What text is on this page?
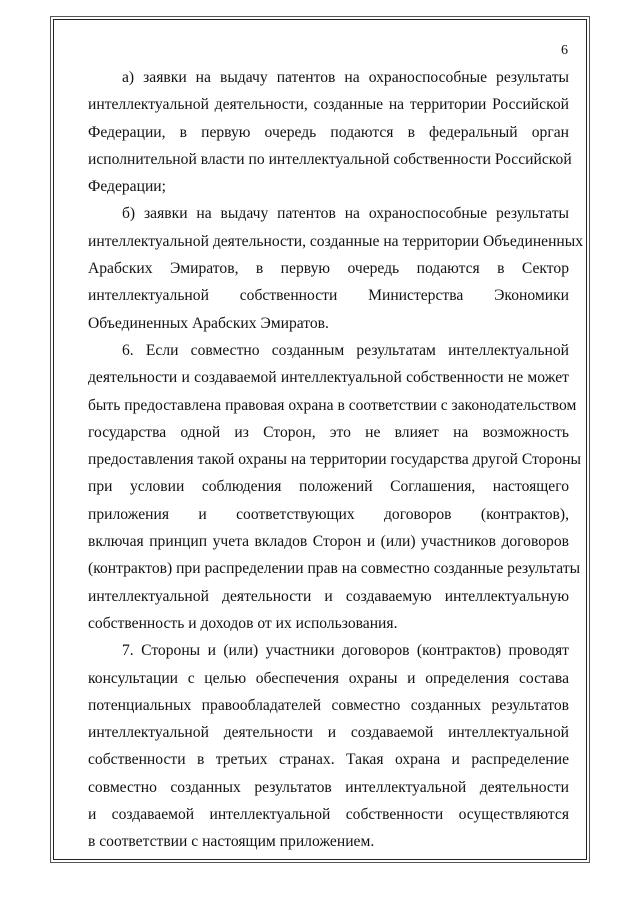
6

а) заявки на выдачу патентов на охраноспособные результаты
интеллектуальной деятельности, созданные на территории Российской
Федерации, в первую очередь подаются в федеральный орган
исполнительной власти по интеллектуальной собственности Российской
Федерации;

б) заявки на выдачу патентов на охраноспособные результаты
интеллектуальной деятельности, созданные на территории Объединенных
Арабских Эмиратов, в первую очередь подаются в Сектор
интеллектуальной собственности Министерства Экономики
Объединенных Арабских Эмиратов.

6. Если совместно созданным результатам интеллектуальной
деятельности и создаваемой интеллектуальной собственности не может
быть предоставлена правовая охрана в соответствии с законодательством
государства одной из Сторон, это не влияет на возможность
предоставления такой охраны на территории государства другой Стороны
при условии соблюдения положений Соглашения, настоящего
приложения и соответствующих договоров (контрактов),
включая принцип учета вкладов Сторон и (или) участников договоров
(контрактов) при распределении прав на совместно созданные результаты
интеллектуальной деятельности и создаваемую интеллектуальную
собственность и доходов от их использования.

7. Стороны и (или) участники договоров (контрактов) проводят
консультации с целью обеспечения охраны и определения состава
потенциальных правообладателей совместно созданных результатов
интеллектуальной деятельности и создаваемой интеллектуальной
собственности в третьих странах. Такая охрана и распределение
совместно созданных результатов интеллектуальной деятельности
и создаваемой интеллектуальной собственности осуществляются
в соответствии с настоящим приложением.
